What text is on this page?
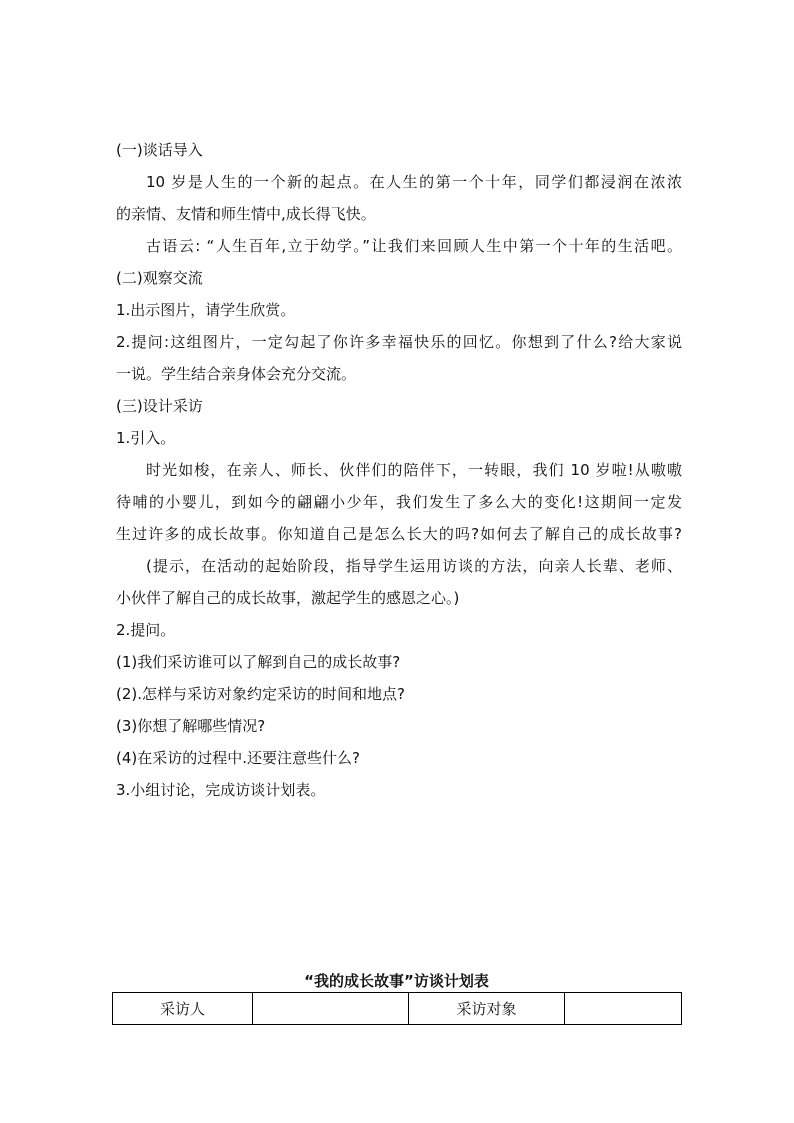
(一)谈话导入
10 岁是人生的一个新的起点。在人生的第一个十年，同学们都浸润在浓浓
的亲情、友情和师生情中,成长得飞快。
古语云: “人生百年,立于幼学。”让我们来回顾人生中第一个十年的生活吧。
(二)观察交流
1.出示图片，请学生欣赏。
2.提问:这组图片，一定勾起了你许多幸福快乐的回忆。你想到了什么?给大家说
一说。学生结合亲身体会充分交流。
(三)设计采访
1.引入。
时光如梭，在亲人、师长、伙伴们的陪伴下，一转眼，我们 10 岁啦!从嗷嗷
待哺的小婴儿，到如今的翩翩小少年，我们发生了多么大的变化!这期间一定发
生过许多的成长故事。你知道自己是怎么长大的吗?如何去了解自己的成长故事?
(提示，在活动的起始阶段，指导学生运用访谈的方法，向亲人长辈、老师、
小伙伴了解自己的成长故事，激起学生的感恩之心。)
2.提问。
(1)我们采访谁可以了解到自己的成长故事?
(2).怎样与采访对象约定采访的时间和地点?
(3)你想了解哪些情况?
(4)在采访的过程中.还要注意些什么?
3.小组讨论，完成访谈计划表。
“我的成长故事”访谈计划表
采访人		采访对象	
